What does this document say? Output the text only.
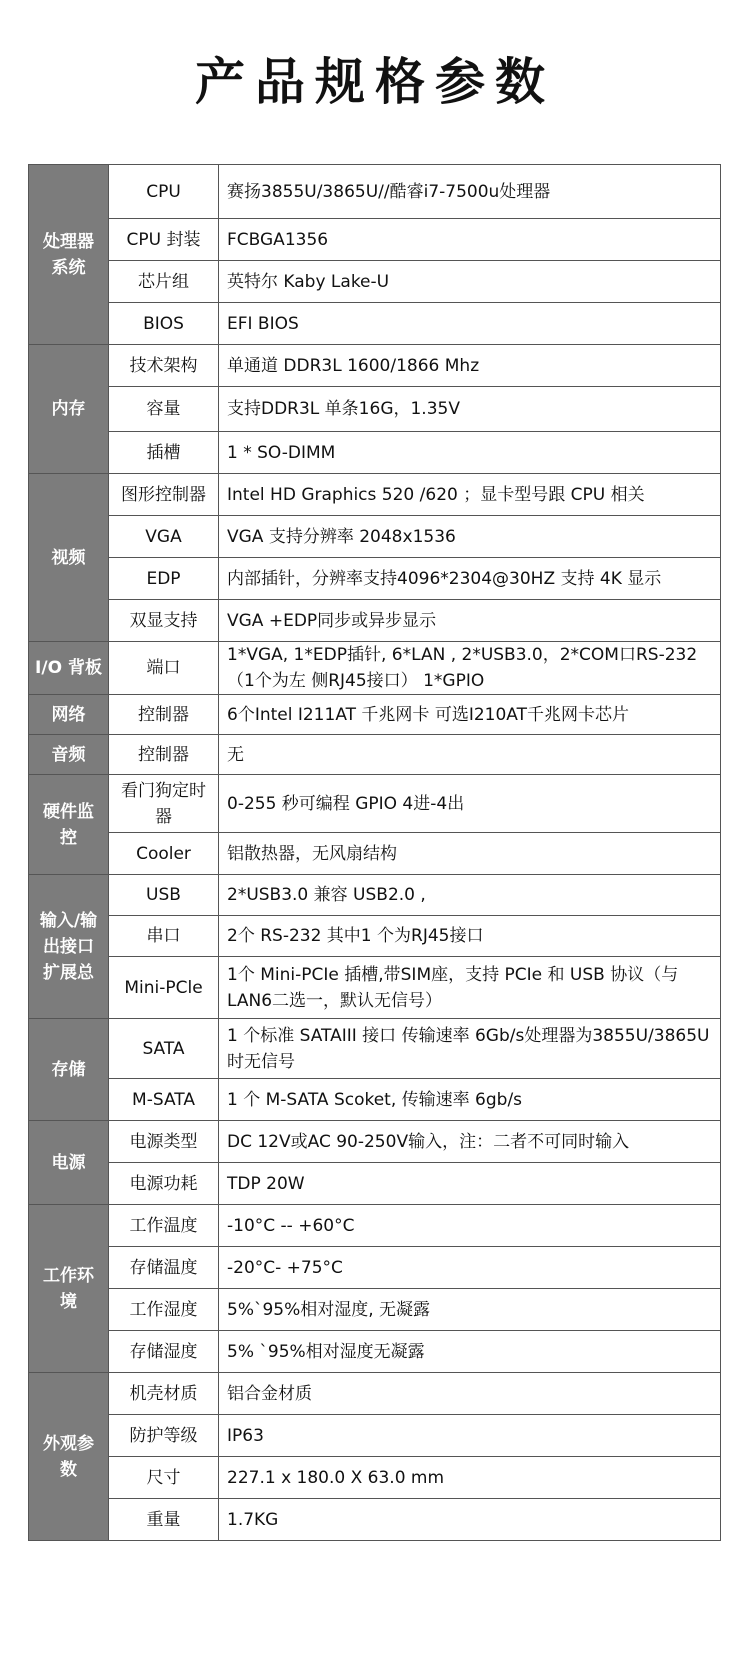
产品规格参数
处理器
系统	CPU	赛扬3855U/3865U//酷睿i7-7500u处理器
	CPU 封装	FCBGA1356
	芯片组	英特尔 Kaby Lake-U
	BIOS	EFI BIOS
内存	技术架构	单通道 DDR3L 1600/1866 Mhz
	容量	支持DDR3L 单条16G，1.35V
	插槽	1 * SO-DIMM
视频	图形控制器	Intel HD Graphics 520 /620 ；显卡型号跟 CPU 相关
	VGA	VGA 支持分辨率 2048x1536
	EDP	内部插针，分辨率支持4096*2304@30HZ 支持 4K 显示
	双显支持	VGA +EDP同步或异步显示
I/O 背板	端口	1*VGA, 1*EDP插针, 6*LAN , 2*USB3.0，2*COM口RS-232（1个为左 侧RJ45接口） 1*GPIO
网络	控制器	6个Intel I211AT 千兆网卡 可选I210AT千兆网卡芯片
音频	控制器	无
硬件监
控	看门狗定时器	0-255 秒可编程 GPIO 4进-4出
	Cooler	铝散热器，无风扇结构
输入/输
出接口
扩展总	USB	2*USB3.0 兼容 USB2.0 ,
	串口	2个 RS-232 其中1 个为RJ45接口
	Mini-PCle	1个 Mini-PCIe 插槽,带SIM座，支持 PCIe 和 USB 协议（与LAN6二选一，默认无信号）
存储	SATA	1 个标准 SATAIII 接口 传输速率 6Gb/s处理器为3855U/3865U时无信号
	M-SATA	1 个 M-SATA Scoket, 传输速率 6gb/s
电源	电源类型	DC 12V或AC 90-250V输入，注：二者不可同时输入
	电源功耗	TDP 20W
工作环
境	工作温度	-10°C -- +60°C
	存储温度	-20°C- +75°C
	工作湿度	5%`95%相对湿度, 无凝露
	存储湿度	5% `95%相对湿度无凝露
外观参
数	机壳材质	铝合金材质
	防护等级	IP63
	尺寸	227.1 x 180.0 X 63.0 mm
	重量	1.7KG
